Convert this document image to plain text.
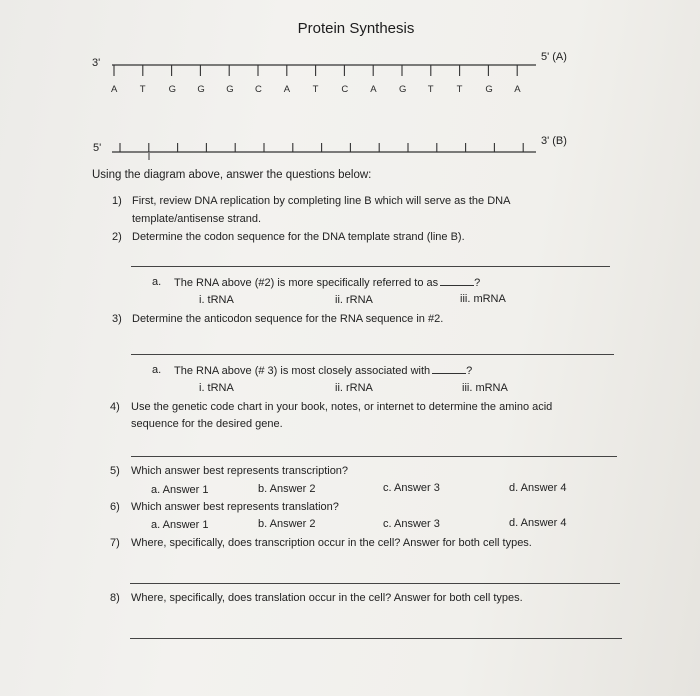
Protein Synthesis
A T G G G C A T C A G T T G A
3'	5' (A)
5'
3' (B)
Using the diagram above, answer the questions below:
1) First, review DNA replication by completing line B which will serve as the DNA
template/antisense strand.
2) Determine the codon sequence for the DNA template strand (line B).
a. The RNA above (#2) is more specifically referred to as	?
i. tRNA	ii. rRNA	iii. mRNA
3) Determine the anticodon sequence for the RNA sequence in #2.
a. The RNA above (# 3) is most closely associated with	?
i. tRNA	ii. rRNA	iii. mRNA
4) Use the genetic code chart in your book, notes, or internet to determine the amino acid
sequence for the desired gene.
5) Which answer best represents transcription?
a. Answer 1	b. Answer 2	c. Answer 3	d. Answer 4
6) Which answer best represents translation?
a. Answer 1	b. Answer 2	c. Answer 3	d. Answer 4
7) Where, specifically, does transcription occur in the cell? Answer for both cell types.
8) Where, specifically, does translation occur in the cell? Answer for both cell types.
